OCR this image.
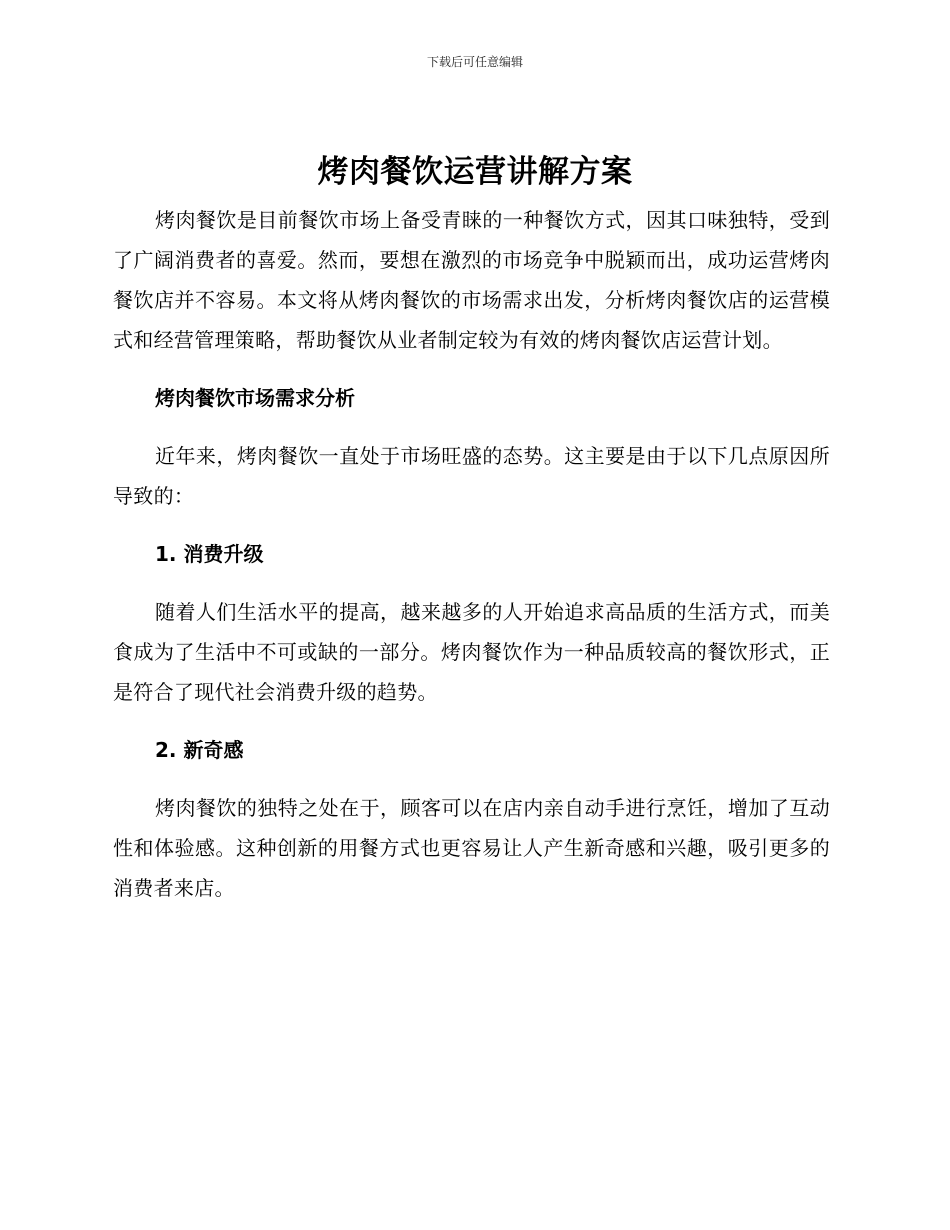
下载后可任意编辑
烤肉餐饮运营讲解方案

烤肉餐饮是目前餐饮市场上备受青睐的一种餐饮方式，因其口味独特，受到了广阔消费者的喜爱。然而，要想在激烈的市场竞争中脱颖而出，成功运营烤肉餐饮店并不容易。本文将从烤肉餐饮的市场需求出发，分析烤肉餐饮店的运营模式和经营管理策略，帮助餐饮从业者制定较为有效的烤肉餐饮店运营计划。

烤肉餐饮市场需求分析

近年来，烤肉餐饮一直处于市场旺盛的态势。这主要是由于以下几点原因所导致的：

1. 消费升级

随着人们生活水平的提高，越来越多的人开始追求高品质的生活方式，而美食成为了生活中不可或缺的一部分。烤肉餐饮作为一种品质较高的餐饮形式，正是符合了现代社会消费升级的趋势。

2. 新奇感

烤肉餐饮的独特之处在于，顾客可以在店内亲自动手进行烹饪，增加了互动性和体验感。这种创新的用餐方式也更容易让人产生新奇感和兴趣，吸引更多的消费者来店。
